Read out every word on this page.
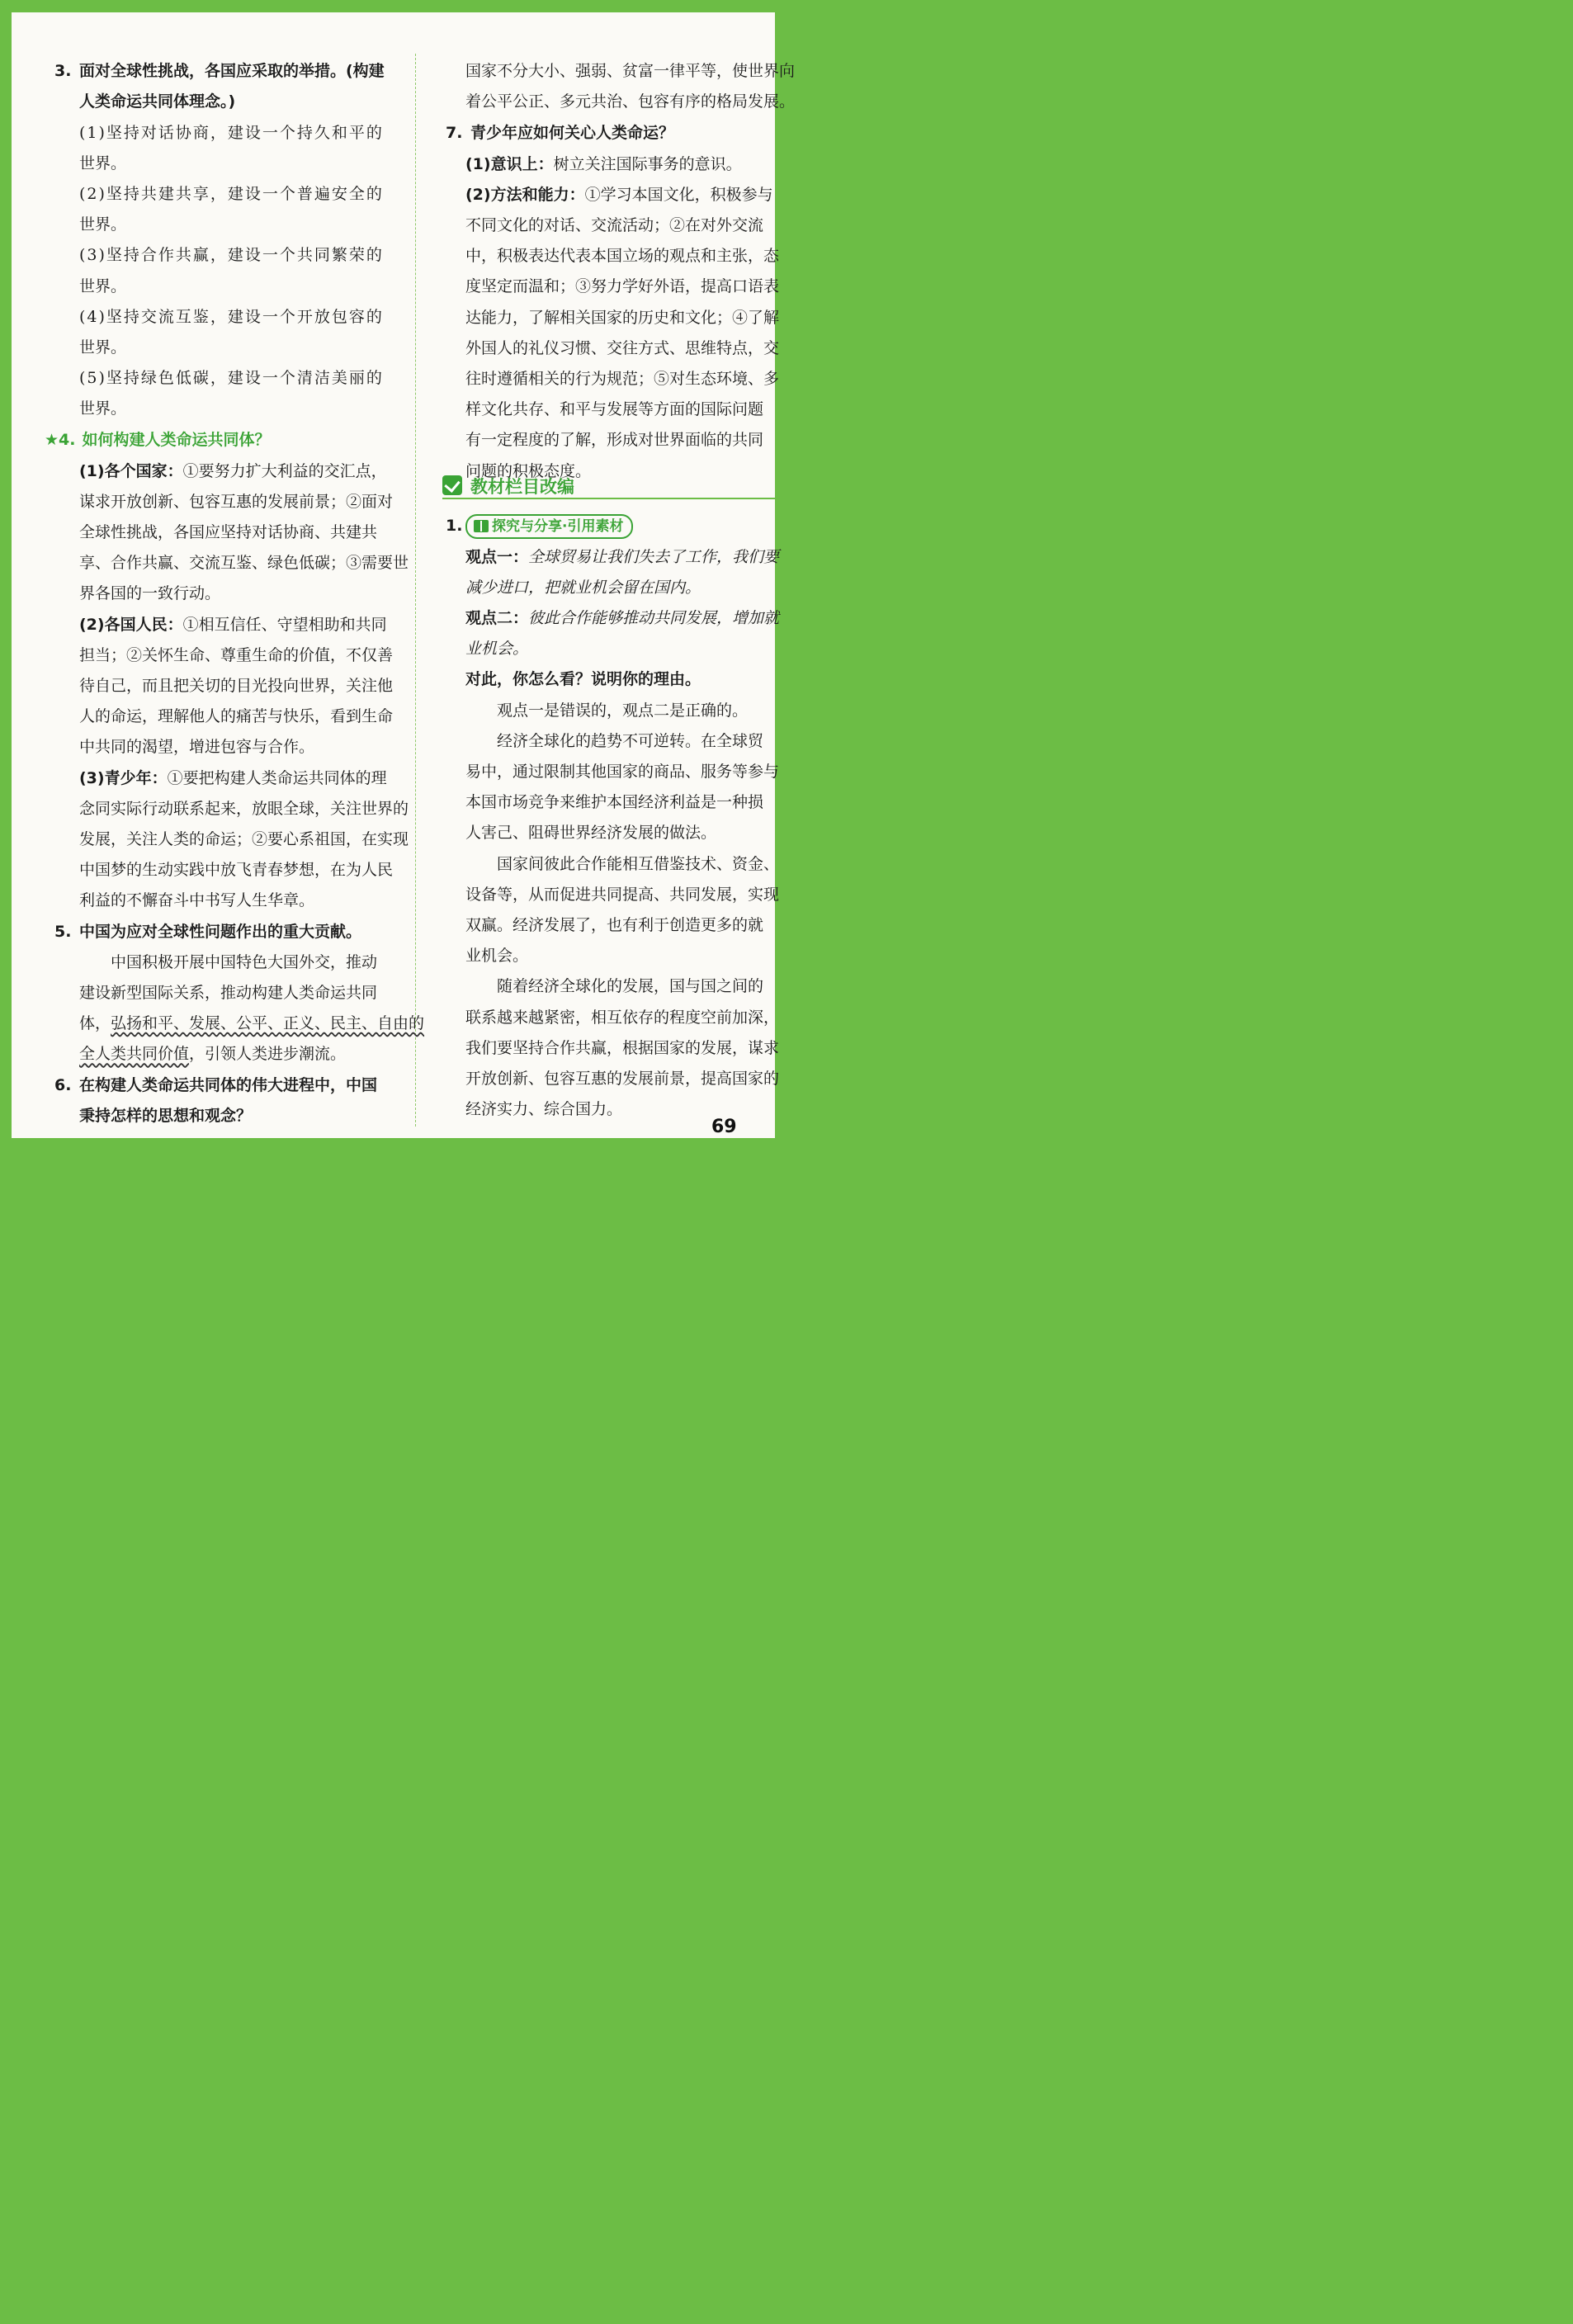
3. 面对全球性挑战，各国应采取的举措。(构建
人类命运共同体理念。)
(1)坚持对话协商，建设一个持久和平的
世界。
(2)坚持共建共享，建设一个普遍安全的
世界。
(3)坚持合作共赢，建设一个共同繁荣的
世界。
(4)坚持交流互鉴，建设一个开放包容的
世界。
(5)坚持绿色低碳，建设一个清洁美丽的
世界。
★4. 如何构建人类命运共同体？
(1)各个国家：①要努力扩大利益的交汇点，
谋求开放创新、包容互惠的发展前景；②面对
全球性挑战，各国应坚持对话协商、共建共
享、合作共赢、交流互鉴、绿色低碳；③需要世
界各国的一致行动。
(2)各国人民：①相互信任、守望相助和共同
担当；②关怀生命、尊重生命的价值，不仅善
待自己，而且把关切的目光投向世界，关注他
人的命运，理解他人的痛苦与快乐，看到生命
中共同的渴望，增进包容与合作。
(3)青少年：①要把构建人类命运共同体的理
念同实际行动联系起来，放眼全球，关注世界的
发展，关注人类的命运；②要心系祖国，在实现
中国梦的生动实践中放飞青春梦想，在为人民
利益的不懈奋斗中书写人生华章。
5. 中国为应对全球性问题作出的重大贡献。
中国积极开展中国特色大国外交，推动
建设新型国际关系，推动构建人类命运共同
体，弘扬和平、发展、公平、正义、民主、自由的
全人类共同价值，引领人类进步潮流。
6. 在构建人类命运共同体的伟大进程中，中国
秉持怎样的思想和观念？
国家不分大小、强弱、贫富一律平等，使世界向
着公平公正、多元共治、包容有序的格局发展。
7. 青少年应如何关心人类命运？
(1)意识上：树立关注国际事务的意识。
(2)方法和能力：①学习本国文化，积极参与
不同文化的对话、交流活动；②在对外交流
中，积极表达代表本国立场的观点和主张，态
度坚定而温和；③努力学好外语，提高口语表
达能力，了解相关国家的历史和文化；④了解
外国人的礼仪习惯、交往方式、思维特点，交
往时遵循相关的行为规范；⑤对生态环境、多
样文化共存、和平与发展等方面的国际问题
有一定程度的了解，形成对世界面临的共同
问题的积极态度。
教材栏目改编
1.	探究与分享·引用素材
观点一：全球贸易让我们失去了工作，我们要
减少进口，把就业机会留在国内。
观点二：彼此合作能够推动共同发展，增加就
业机会。
对此，你怎么看？说明你的理由。
观点一是错误的，观点二是正确的。
经济全球化的趋势不可逆转。在全球贸
易中，通过限制其他国家的商品、服务等参与
本国市场竞争来维护本国经济利益是一种损
人害己、阻碍世界经济发展的做法。
国家间彼此合作能相互借鉴技术、资金、
设备等，从而促进共同提高、共同发展，实现
双赢。经济发展了，也有利于创造更多的就
业机会。
随着经济全球化的发展，国与国之间的
联系越来越紧密，相互依存的程度空前加深，
我们要坚持合作共赢，根据国家的发展，谋求
开放创新、包容互惠的发展前景，提高国家的
经济实力、综合国力。
69
